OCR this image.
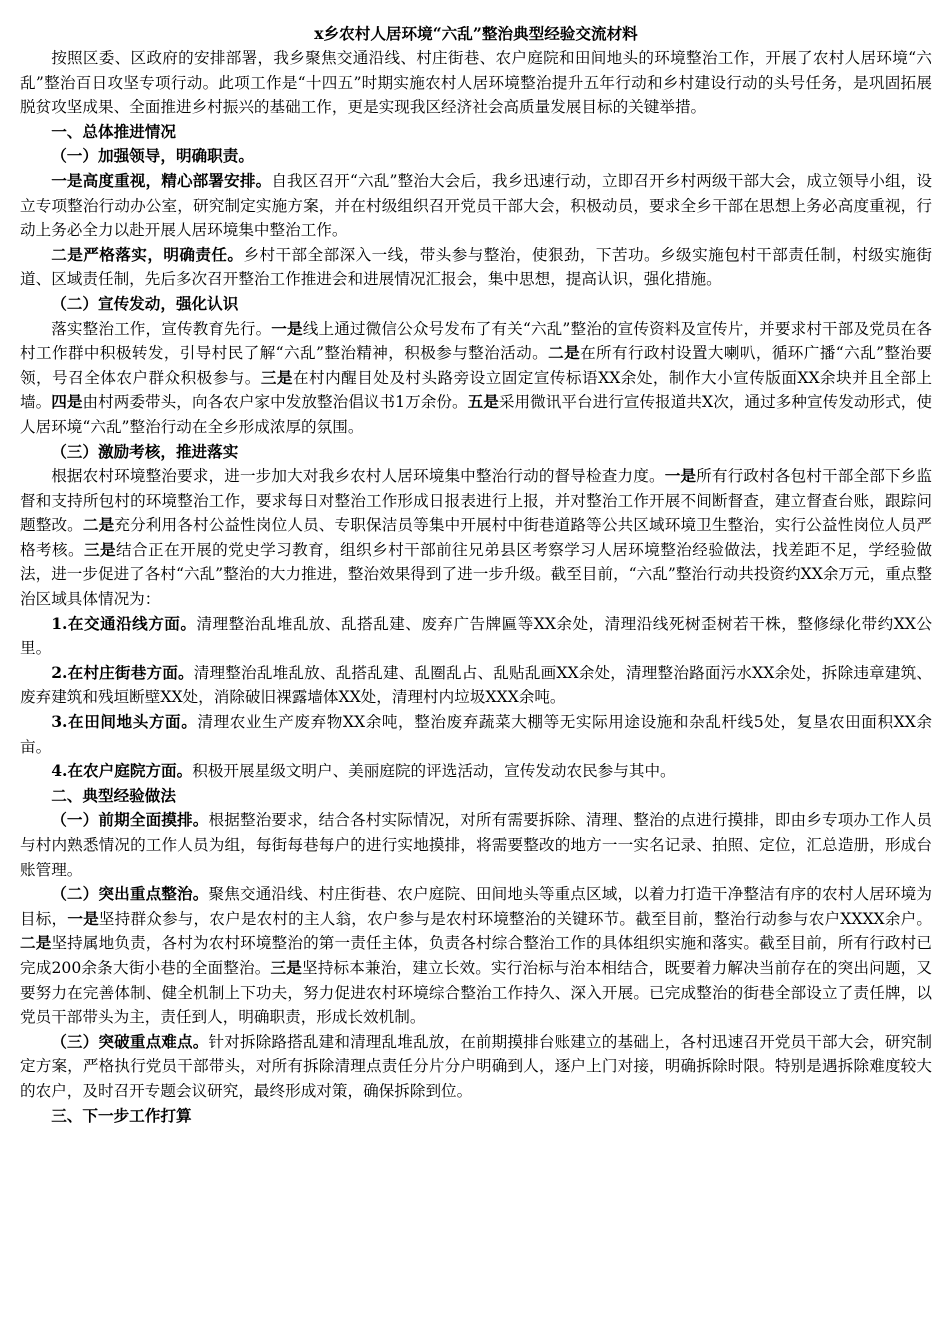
x乡农村人居环境“六乱”整治典型经验交流材料

按照区委、区政府的安排部署，我乡聚焦交通沿线、村庄街巷、农户庭院和田间地头的环境整治工作，开展了农村人居环境“六乱”整治百日攻坚专项行动。此项工作是“十四五”时期实施农村人居环境整治提升五年行动和乡村建设行动的头号任务，是巩固拓展脱贫攻坚成果、全面推进乡村振兴的基础工作，更是实现我区经济社会高质量发展目标的关键举措。

一、总体推进情况

（一）加强领导，明确职责。

一是高度重视，精心部署安排。自我区召开“六乱”整治大会后，我乡迅速行动，立即召开乡村两级干部大会，成立领导小组，设立专项整治行动办公室，研究制定实施方案，并在村级组织召开党员干部大会，积极动员，要求全乡干部在思想上务必高度重视，行动上务必全力以赴开展人居环境集中整治工作。

二是严格落实，明确责任。乡村干部全部深入一线，带头参与整治，使狠劲，下苦功。乡级实施包村干部责任制，村级实施街道、区域责任制，先后多次召开整治工作推进会和进展情况汇报会，集中思想，提高认识，强化措施。

（二）宣传发动，强化认识

落实整治工作，宣传教育先行。一是线上通过微信公众号发布了有关“六乱”整治的宣传资料及宣传片，并要求村干部及党员在各村工作群中积极转发，引导村民了解“六乱”整治精神，积极参与整治活动。二是在所有行政村设置大喇叭，循环广播“六乱”整治要领，号召全体农户群众积极参与。三是在村内醒目处及村头路旁设立固定宣传标语XX余处，制作大小宣传版面XX余块并且全部上墙。四是由村两委带头，向各农户家中发放整治倡议书1万余份。五是采用微讯平台进行宣传报道共X次，通过多种宣传发动形式，使人居环境“六乱”整治行动在全乡形成浓厚的氛围。

（三）激励考核，推进落实

根据农村环境整治要求，进一步加大对我乡农村人居环境集中整治行动的督导检查力度。一是所有行政村各包村干部全部下乡监督和支持所包村的环境整治工作，要求每日对整治工作形成日报表进行上报，并对整治工作开展不间断督查，建立督查台账，跟踪问题整改。二是充分利用各村公益性岗位人员、专职保洁员等集中开展村中街巷道路等公共区域环境卫生整治，实行公益性岗位人员严格考核。三是结合正在开展的党史学习教育，组织乡村干部前往兄弟县区考察学习人居环境整治经验做法，找差距不足，学经验做法，进一步促进了各村“六乱”整治的大力推进，整治效果得到了进一步升级。截至目前，“六乱”整治行动共投资约XX余万元，重点整治区域具体情况为：

1.在交通沿线方面。清理整治乱堆乱放、乱搭乱建、废弃广告牌匾等XX余处，清理沿线死树歪树若干株，整修绿化带约XX公里。

2.在村庄街巷方面。清理整治乱堆乱放、乱搭乱建、乱圈乱占、乱贴乱画XX余处，清理整治路面污水XX余处，拆除违章建筑、废弃建筑和残垣断壁XX处，消除破旧裸露墙体XX处，清理村内垃圾XXX余吨。

3.在田间地头方面。清理农业生产废弃物XX余吨，整治废弃蔬菜大棚等无实际用途设施和杂乱杆线5处，复垦农田面积XX余亩。

4.在农户庭院方面。积极开展星级文明户、美丽庭院的评选活动，宣传发动农民参与其中。

二、典型经验做法

（一）前期全面摸排。根据整治要求，结合各村实际情况，对所有需要拆除、清理、整治的点进行摸排，即由乡专项办工作人员与村内熟悉情况的工作人员为组，每街每巷每户的进行实地摸排，将需要整改的地方一一实名记录、拍照、定位，汇总造册，形成台账管理。

（二）突出重点整治。聚焦交通沿线、村庄街巷、农户庭院、田间地头等重点区域，以着力打造干净整洁有序的农村人居环境为目标，一是坚持群众参与，农户是农村的主人翁，农户参与是农村环境整治的关键环节。截至目前，整治行动参与农户XXXX余户。二是坚持属地负责，各村为农村环境整治的第一责任主体，负责各村综合整治工作的具体组织实施和落实。截至目前，所有行政村已完成200余条大街小巷的全面整治。三是坚持标本兼治，建立长效。实行治标与治本相结合，既要着力解决当前存在的突出问题，又要努力在完善体制、健全机制上下功夫，努力促进农村环境综合整治工作持久、深入开展。已完成整治的街巷全部设立了责任牌，以党员干部带头为主，责任到人，明确职责，形成长效机制。

（三）突破重点难点。针对拆除路搭乱建和清理乱堆乱放，在前期摸排台账建立的基础上，各村迅速召开党员干部大会，研究制定方案，严格执行党员干部带头，对所有拆除清理点责任分片分户明确到人，逐户上门对接，明确拆除时限。特别是遇拆除难度较大的农户，及时召开专题会议研究，最终形成对策，确保拆除到位。

三、下一步工作打算
